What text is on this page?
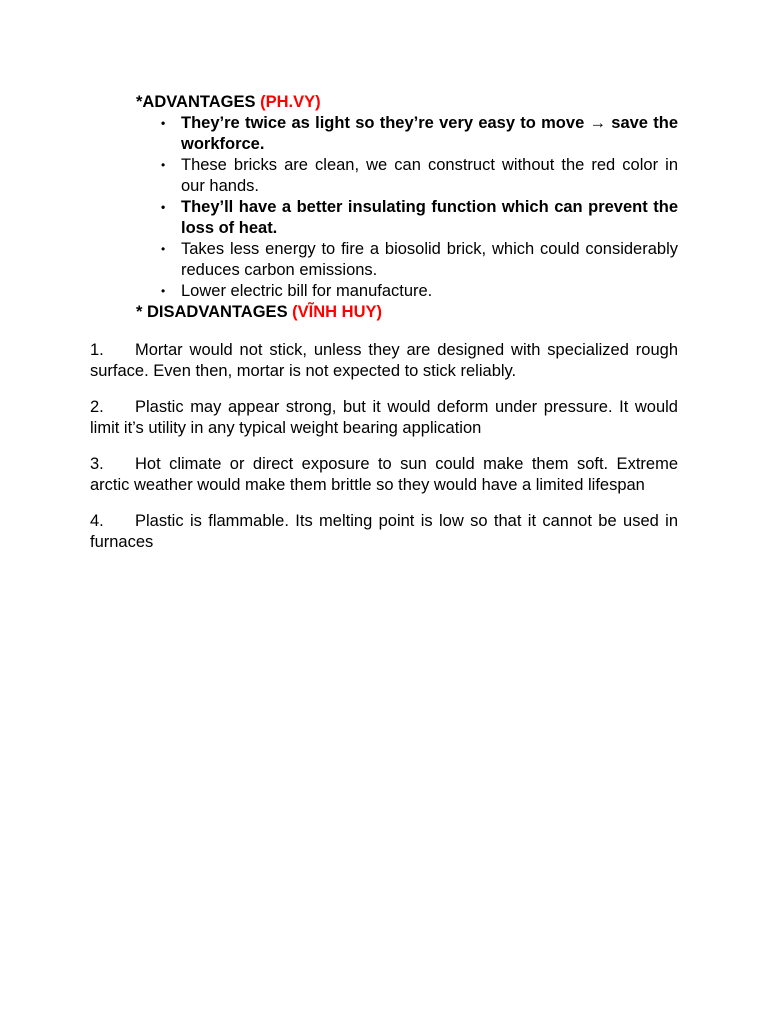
*ADVANTAGES (PH.VY)
• They’re twice as light so they’re very easy to move → save the workforce.
• These bricks are clean, we can construct without the red color in our hands.
• They’ll have a better insulating function which can prevent the loss of heat.
• Takes less energy to fire a biosolid brick, which could considerably reduces carbon emissions.
• Lower electric bill for manufacture.
* DISADVANTAGES (VĨNH HUY)
1. Mortar would not stick, unless they are designed with specialized rough surface. Even then, mortar is not expected to stick reliably.
2. Plastic may appear strong, but it would deform under pressure. It would limit it’s utility in any typical weight bearing application
3. Hot climate or direct exposure to sun could make them soft. Extreme arctic weather would make them brittle so they would have a limited lifespan
4. Plastic is flammable. Its melting point is low so that it cannot be used in furnaces
